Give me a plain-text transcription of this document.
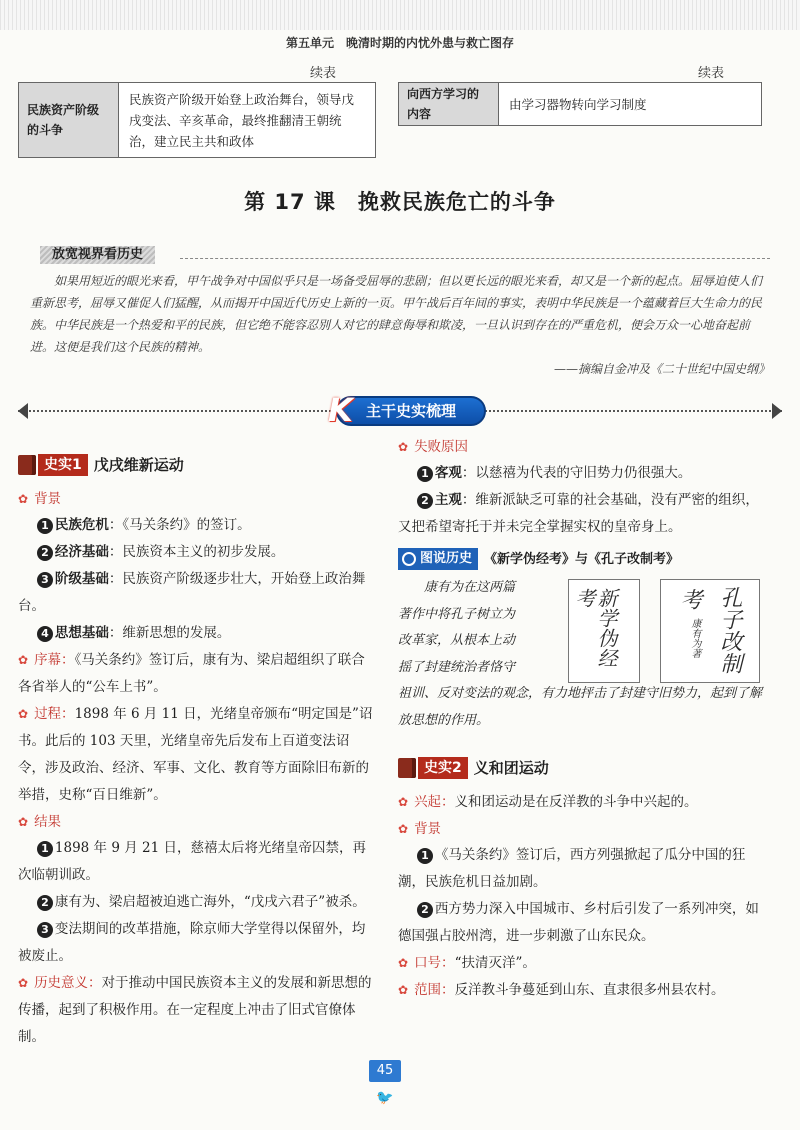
第五单元　晚清时期的内忧外患与救亡图存
续表	续表
民族资产阶级的斗争
民族资产阶级开始登上政治舞台，领导戊戌变法、辛亥革命，最终推翻清王朝统治，建立民主共和政体
向西方学习的内容
由学习器物转向学习制度
第 17 课　挽救民族危亡的斗争
放宽视界看历史
如果用短近的眼光来看，甲午战争对中国似乎只是一场备受屈辱的悲剧；但以更长远的眼光来看，却又是一个新的起点。屈辱迫使人们重新思考，屈辱又催促人们猛醒，从而揭开中国近代历史上新的一页。甲午战后百年间的事实，表明中华民族是一个蕴藏着巨大生命力的民族。中华民族是一个热爱和平的民族，但它绝不能容忍别人对它的肆意侮辱和欺凌，一旦认识到存在的严重危机，便会万众一心地奋起前进。这便是我们这个民族的精神。
——摘编自金冲及《二十世纪中国史纲》
主干史实梳理
K
史实1 戊戌维新运动
✿ 背景
1 民族危机：《马关条约》的签订。
2 经济基础：民族资本主义的初步发展。
3 阶级基础：民族资产阶级逐步壮大，开始登上政治舞台。
4 思想基础：维新思想的发展。
✿ 序幕：《马关条约》签订后，康有为、梁启超组织了联合各省举人的“公车上书”。
✿ 过程：1898 年 6 月 11 日，光绪皇帝颁布“明定国是”诏书。此后的 103 天里，光绪皇帝先后发布上百道变法诏令，涉及政治、经济、军事、文化、教育等方面除旧布新的举措，史称“百日维新”。
✿ 结果
1 1898 年 9 月 21 日，慈禧太后将光绪皇帝囚禁，再次临朝训政。
2 康有为、梁启超被迫逃亡海外，“戊戌六君子”被杀。
3 变法期间的改革措施，除京师大学堂得以保留外，均被废止。
✿ 历史意义：对于推动中国民族资本主义的发展和新思想的传播，起到了积极作用。在一定程度上冲击了旧式官僚体制。
✿ 失败原因
1 客观：以慈禧为代表的守旧势力仍很强大。
2 主观：维新派缺乏可靠的社会基础，没有严密的组织，又把希望寄托于并未完全掌握实权的皇帝身上。
图说历史 《新学伪经考》与《孔子改制考》
康有为在这两篇
著作中将孔子树立为
改革家，从根本上动
摇了封建统治者恪守
祖训、反对变法的观念，有力地抨击了封建守旧势力，起到了解放思想的作用。
新学伪经考	孔子改制
考
康有为著
史实2 义和团运动
✿ 兴起：义和团运动是在反洋教的斗争中兴起的。
✿ 背景
1 《马关条约》签订后，西方列强掀起了瓜分中国的狂潮，民族危机日益加剧。
2 西方势力深入中国城市、乡村后引发了一系列冲突，如德国强占胶州湾，进一步刺激了山东民众。
✿ 口号：“扶清灭洋”。
✿ 范围：反洋教斗争蔓延到山东、直隶很多州县农村。
45
🐦
